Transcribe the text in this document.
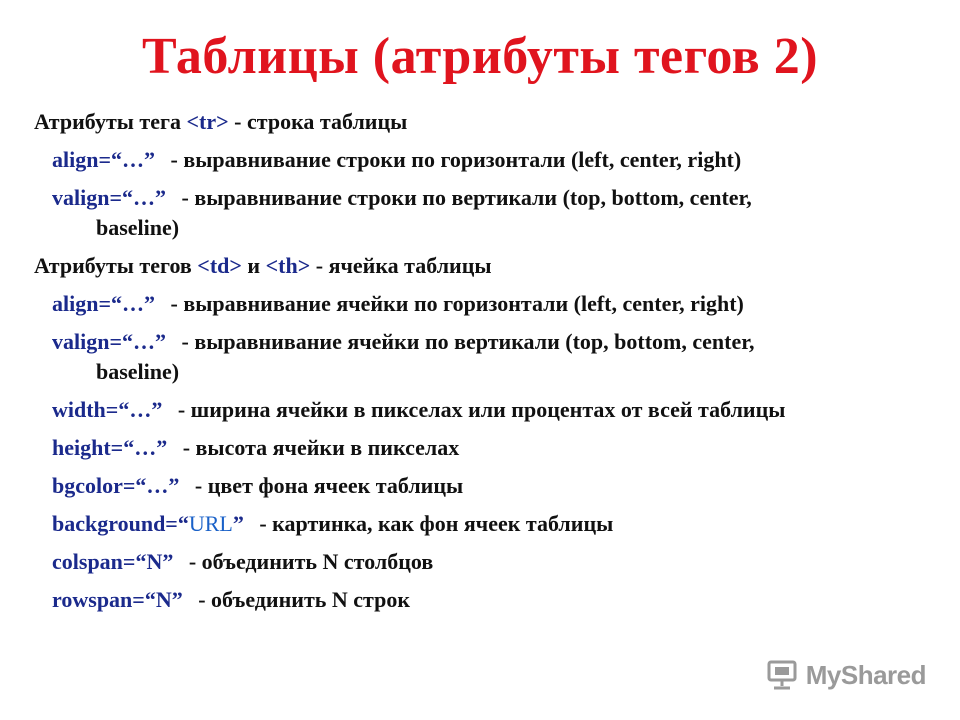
Таблицы (атрибуты тегов 2)
Атрибуты тега <tr> - строка таблицы
align=“…” - выравнивание строки по горизонтали (left, center, right)
valign=“…” - выравнивание строки по вертикали (top, bottom, center,
baseline)
Атрибуты тегов <td> и <th> - ячейка таблицы
align=“…” - выравнивание ячейки по горизонтали (left, center, right)
valign=“…” - выравнивание ячейки по вертикали (top, bottom, center,
baseline)
width=“…” - ширина ячейки в пикселах или процентах от всей таблицы
height=“…” - высота ячейки в пикселах
bgcolor=“…” - цвет фона ячеек таблицы
background=“URL” - картинка, как фон ячеек таблицы
colspan=“N” - объединить N столбцов
rowspan=“N” - объединить N строк
MyShared
